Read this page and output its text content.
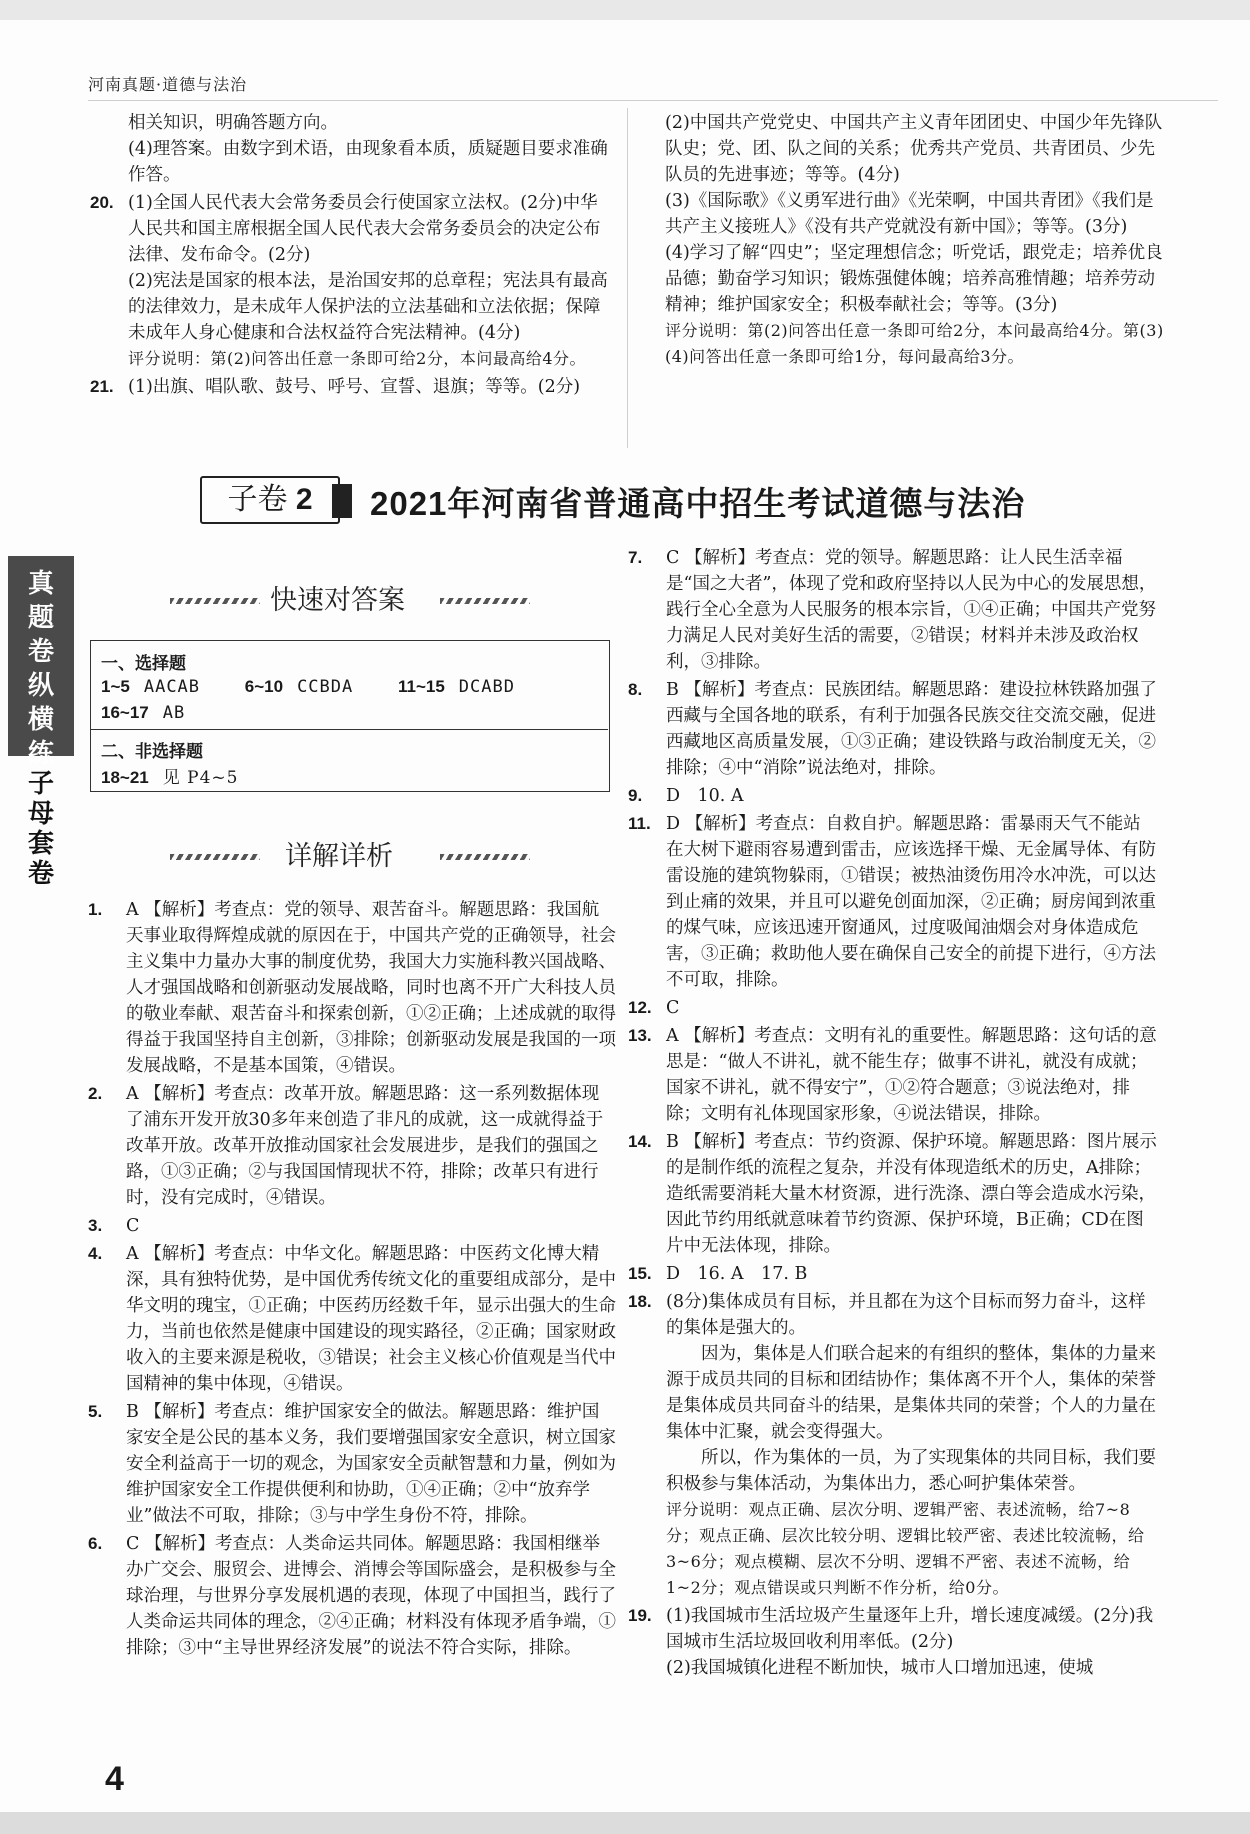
河南真题·道德与法治
相关知识，明确答题方向。
(4)理答案。由数字到术语，由现象看本质，质疑题目要求准确作答。
20. (1)全国人民代表大会常务委员会行使国家立法权。(2分)中华人民共和国主席根据全国人民代表大会常务委员会的决定公布法律、发布命令。(2分)
(2)宪法是国家的根本法，是治国安邦的总章程；宪法具有最高的法律效力，是未成年人保护法的立法基础和立法依据；保障未成年人身心健康和合法权益符合宪法精神。(4分)
评分说明：第(2)问答出任意一条即可给2分，本问最高给4分。
21. (1)出旗、唱队歌、鼓号、呼号、宣誓、退旗；等等。(2分)
(2)中国共产党党史、中国共产主义青年团团史、中国少年先锋队队史；党、团、队之间的关系；优秀共产党员、共青团员、少先队员的先进事迹；等等。(4分)
(3)《国际歌》《义勇军进行曲》《光荣啊，中国共青团》《我们是共产主义接班人》《没有共产党就没有新中国》；等等。(3分)
(4)学习了解“四史”；坚定理想信念；听党话，跟党走；培养优良品德；勤奋学习知识；锻炼强健体魄；培养高雅情趣；培养劳动精神；维护国家安全；积极奉献社会；等等。(3分)
评分说明：第(2)问答出任意一条即可给2分，本问最高给4分。第(3)(4)问答出任意一条即可给1分，每问最高给3分。
子卷 2	2021年河南省普通高中招生考试道德与法治
真
题
卷
纵
横
练
子
母
套
卷
快速对答案
一、选择题
1~5 AACAB	6~10 CCBDA	11~15 DCABD
16~17 AB
二、非选择题
18~21 见 P4~5
详解详析
1. A 【解析】考查点：党的领导、艰苦奋斗。解题思路：我国航天事业取得辉煌成就的原因在于，中国共产党的正确领导，社会主义集中力量办大事的制度优势，我国大力实施科教兴国战略、人才强国战略和创新驱动发展战略，同时也离不开广大科技人员的敬业奉献、艰苦奋斗和探索创新，①②正确；上述成就的取得得益于我国坚持自主创新，③排除；创新驱动发展是我国的一项发展战略，不是基本国策，④错误。
2. A 【解析】考查点：改革开放。解题思路：这一系列数据体现了浦东开发开放30多年来创造了非凡的成就，这一成就得益于改革开放。改革开放推动国家社会发展进步，是我们的强国之路，①③正确；②与我国国情现状不符，排除；改革只有进行时，没有完成时，④错误。
3. C
4. A 【解析】考查点：中华文化。解题思路：中医药文化博大精深，具有独特优势，是中国优秀传统文化的重要组成部分，是中华文明的瑰宝，①正确；中医药历经数千年，显示出强大的生命力，当前也依然是健康中国建设的现实路径，②正确；国家财政收入的主要来源是税收，③错误；社会主义核心价值观是当代中国精神的集中体现，④错误。
5. B 【解析】考查点：维护国家安全的做法。解题思路：维护国家安全是公民的基本义务，我们要增强国家安全意识，树立国家安全利益高于一切的观念，为国家安全贡献智慧和力量，例如为维护国家安全工作提供便利和协助，①④正确；②中“放弃学业”做法不可取，排除；③与中学生身份不符，排除。
6. C 【解析】考查点：人类命运共同体。解题思路：我国相继举办广交会、服贸会、进博会、消博会等国际盛会，是积极参与全球治理，与世界分享发展机遇的表现，体现了中国担当，践行了人类命运共同体的理念，②④正确；材料没有体现矛盾争端，①排除；③中“主导世界经济发展”的说法不符合实际，排除。
7. C 【解析】考查点：党的领导。解题思路：让人民生活幸福是“国之大者”，体现了党和政府坚持以人民为中心的发展思想，践行全心全意为人民服务的根本宗旨，①④正确；中国共产党努力满足人民对美好生活的需要，②错误；材料并未涉及政治权利，③排除。
8. B 【解析】考查点：民族团结。解题思路：建设拉林铁路加强了西藏与全国各地的联系，有利于加强各民族交往交流交融，促进西藏地区高质量发展，①③正确；建设铁路与政治制度无关，②排除；④中“消除”说法绝对，排除。
9. D　10. A
11. D 【解析】考查点：自救自护。解题思路：雷暴雨天气不能站在大树下避雨容易遭到雷击，应该选择干燥、无金属导体、有防雷设施的建筑物躲雨，①错误；被热油烫伤用冷水冲洗，可以达到止痛的效果，并且可以避免创面加深，②正确；厨房闻到浓重的煤气味，应该迅速开窗通风，过度吸闻油烟会对身体造成危害，③正确；救助他人要在确保自己安全的前提下进行，④方法不可取，排除。
12. C
13. A 【解析】考查点：文明有礼的重要性。解题思路：这句话的意思是：“做人不讲礼，就不能生存；做事不讲礼，就没有成就；国家不讲礼，就不得安宁”，①②符合题意；③说法绝对，排除；文明有礼体现国家形象，④说法错误，排除。
14. B 【解析】考查点：节约资源、保护环境。解题思路：图片展示的是制作纸的流程之复杂，并没有体现造纸术的历史，A排除；造纸需要消耗大量木材资源，进行洗涤、漂白等会造成水污染，因此节约用纸就意味着节约资源、保护环境，B正确；CD在图片中无法体现，排除。
15. D　16. A　17. B
18. (8分)集体成员有目标，并且都在为这个目标而努力奋斗，这样的集体是强大的。
因为，集体是人们联合起来的有组织的整体，集体的力量来源于成员共同的目标和团结协作；集体离不开个人，集体的荣誉是集体成员共同奋斗的结果，是集体共同的荣誉；个人的力量在集体中汇聚，就会变得强大。
所以，作为集体的一员，为了实现集体的共同目标，我们要积极参与集体活动，为集体出力，悉心呵护集体荣誉。
评分说明：观点正确、层次分明、逻辑严密、表述流畅，给7~8分；观点正确、层次比较分明、逻辑比较严密、表述比较流畅，给3~6分；观点模糊、层次不分明、逻辑不严密、表述不流畅，给1~2分；观点错误或只判断不作分析，给0分。
19. (1)我国城市生活垃圾产生量逐年上升，增长速度减缓。(2分)我国城市生活垃圾回收利用率低。(2分)
(2)我国城镇化进程不断加快，城市人口增加迅速，使城
4
